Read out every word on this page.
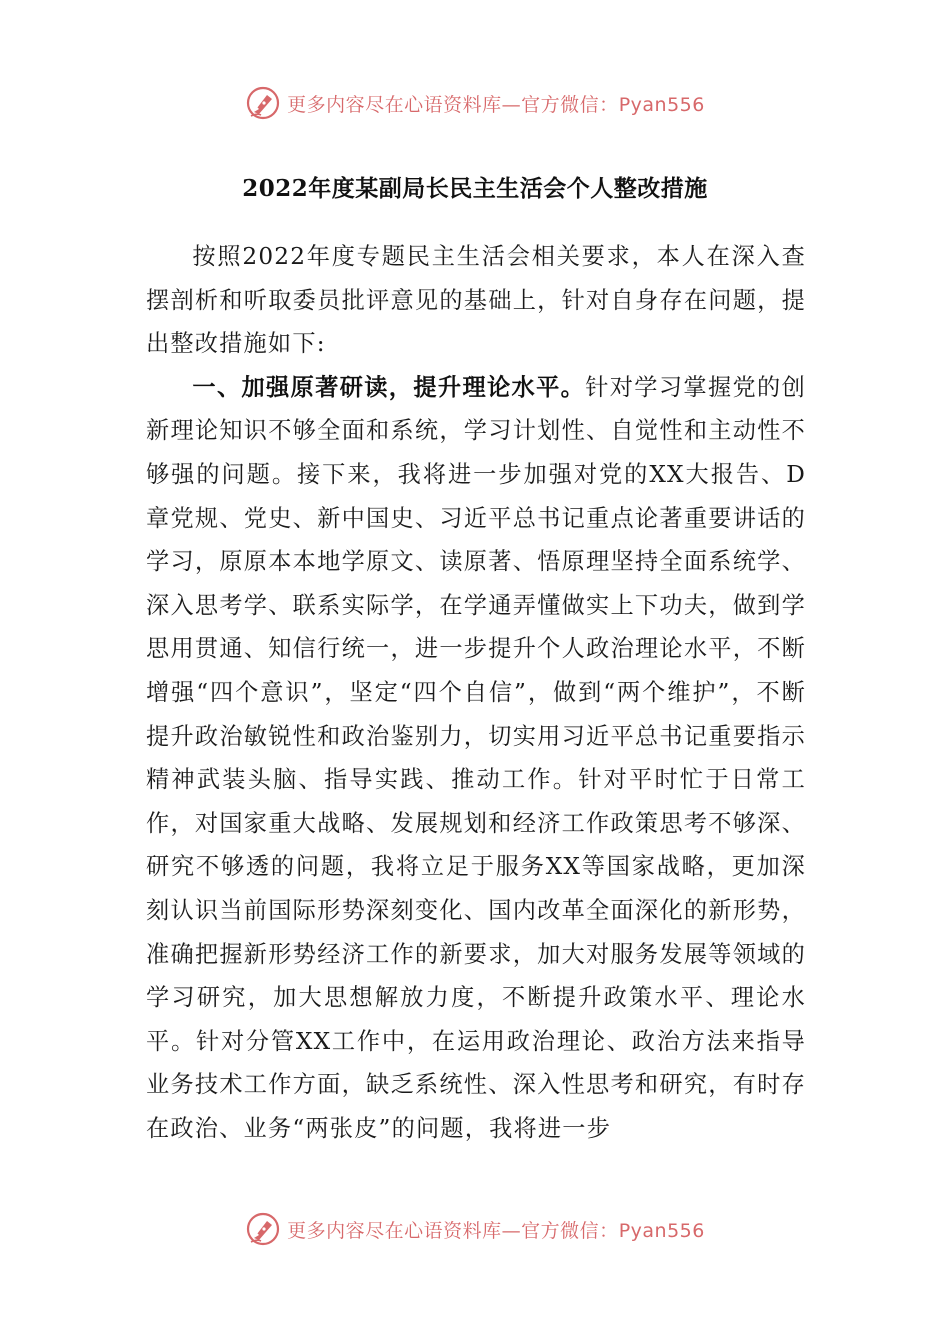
更多内容尽在心语资料库—官方微信：Pyan556
2022年度某副局长民主生活会个人整改措施

按照2022年度专题民主生活会相关要求，本人在深入查摆剖析和听取委员批评意见的基础上，针对自身存在问题，提出整改措施如下:

一、加强原著研读，提升理论水平。针对学习掌握党的创新理论知识不够全面和系统，学习计划性、自觉性和主动性不够强的问题。接下来，我将进一步加强对党的XX大报告、D章党规、党史、新中国史、习近平总书记重点论著重要讲话的学习，原原本本地学原文、读原著、悟原理坚持全面系统学、深入思考学、联系实际学，在学通弄懂做实上下功夫，做到学思用贯通、知信行统一，进一步提升个人政治理论水平，不断增强“四个意识”，坚定“四个自信”，做到“两个维护”，不断提升政治敏锐性和政治鉴别力，切实用习近平总书记重要指示精神武装头脑、指导实践、推动工作。针对平时忙于日常工作，对国家重大战略、发展规划和经济工作政策思考不够深、研究不够透的问题，我将立足于服务XX等国家战略，更加深刻认识当前国际形势深刻变化、国内改革全面深化的新形势，准确把握新形势经济工作的新要求，加大对服务发展等领域的学习研究，加大思想解放力度，不断提升政策水平、理论水平。针对分管XX工作中，在运用政治理论、政治方法来指导业务技术工作方面，缺乏系统性、深入性思考和研究，有时存在政治、业务“两张皮”的问题，我将进一步

更多内容尽在心语资料库—官方微信：Pyan556
